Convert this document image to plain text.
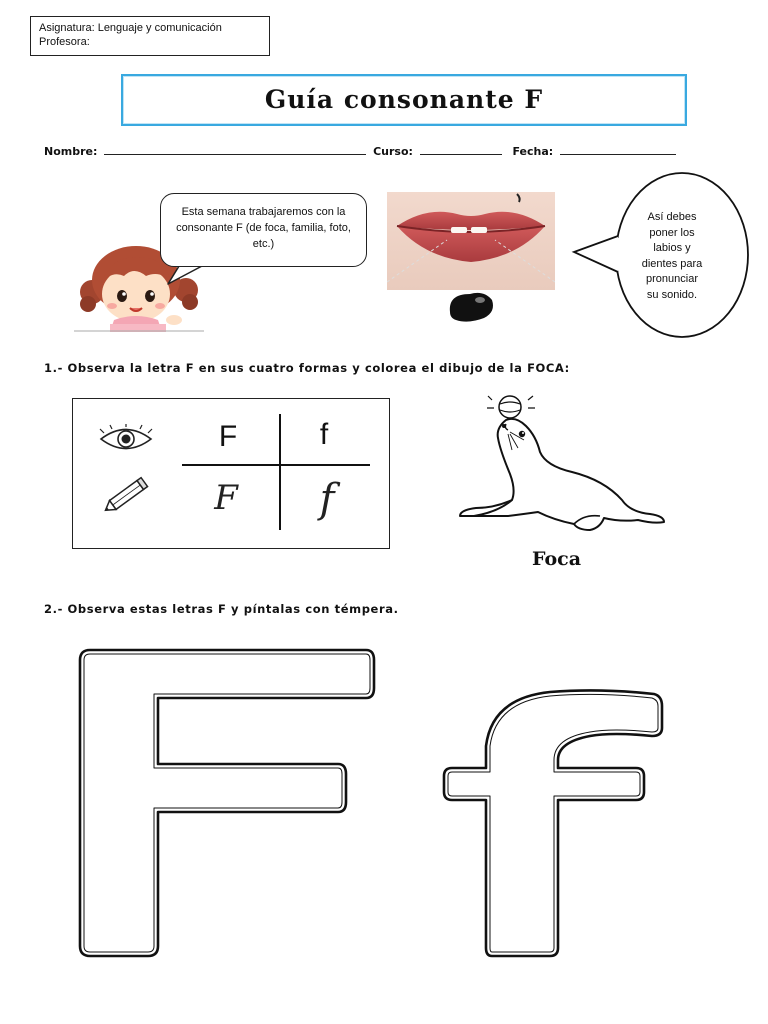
Asignatura: Lenguaje y comunicación
Profesora:
Guía consonante F
Nombre:	Curso:	Fecha:
Esta semana trabajaremos con la consonante F (de foca, familia, foto, etc.)
Así debes
poner los
labios y
dientes para
pronunciar
su sonido.
1.- Observa la letra F en sus cuatro formas y colorea el dibujo de la FOCA:
F	f
F	f
Foca
2.- Observa estas letras F y píntalas con témpera.
